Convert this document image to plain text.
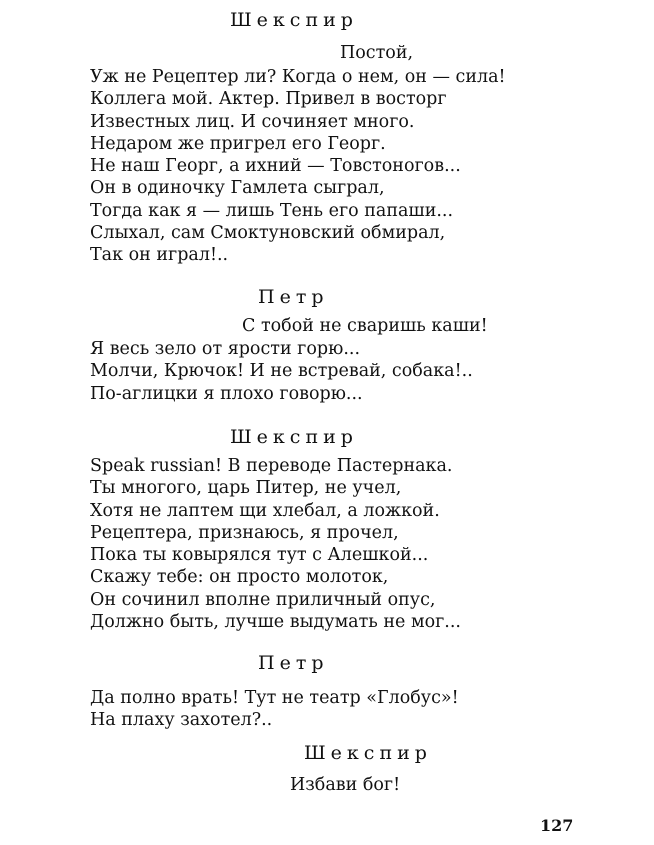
Шекспир
Постой,
Уж не Рецептер ли? Когда о нем, он — сила!
Коллега мой. Актер. Привел в восторг
Известных лиц. И сочиняет много.
Недаром же пригрел его Георг.
Не наш Георг, а ихний — Товстоногов...
Он в одиночку Гамлета сыграл,
Тогда как я — лишь Тень его папаши...
Слыхал, сам Смоктуновский обмирал,
Так он играл!..
Петр
С тобой не сваришь каши!
Я весь зело от ярости горю...
Молчи, Крючок! И не встревай, собака!..
По-аглицки я плохо говорю...
Шекспир
Speak russian! В переводе Пастернака.
Ты многого, царь Питер, не учел,
Хотя не лаптем щи хлебал, а ложкой.
Рецептера, признаюсь, я прочел,
Пока ты ковырялся тут с Алешкой...
Скажу тебе: он просто молоток,
Он сочинил вполне приличный опус,
Должно быть, лучше выдумать не мог...
Петр
Да полно врать! Тут не театр «Глобус»!
На плаху захотел?..
Шекспир
Избави бог!
127
